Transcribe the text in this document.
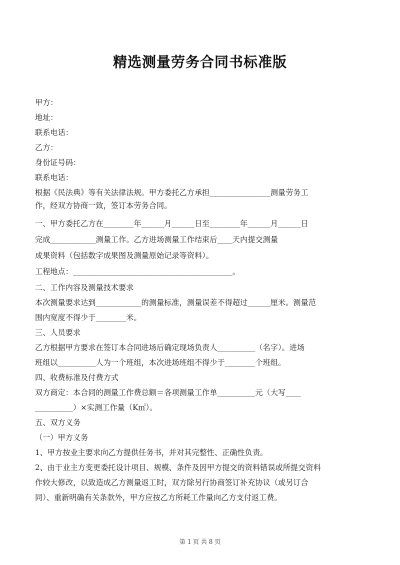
精选测量劳务合同书标准版
甲方：
地址：
联系电话：
乙方：
身份证号码：
联系电话：
根据《民法典》等有关法律法规。甲方委托乙方承担________________测量劳务工
作，经双方协商一致，签订本劳务合同。
一、甲方委托乙方在________年______月______日至________年______月______日
完成____________测量工作。乙方进场测量工作结束后____天内提交测量
成果资料（包括数字成果图及测量原始记录等资料）。
工程地点：__________________________________________。
二、工作内容及测量技术要求
本次测量要求达到____________的测量标准，测量误差不得超过______厘米。测量范
围内宽度不得少于________米。
三、人员要求
乙方根据甲方要求在签订本合同进场后确定现场负责人__________（名字）。进场
班组以__________人为一个班组，本次进场班组不得少于________个班组。
四、收费标准及付费方式
双方商定：本合同的测量工作费总额＝各项测量工作单__________元（大写____
__________）×实测工作量（K㎡）。
五、双方义务
（一）甲方义务
1、甲方按业主要求向乙方提供任务书，并对其完整性、正确性负责。
2、由于业主方变更委托设计项目、规模、条件及因甲方提交的资料错误或所提交资料
作较大修改，以致造成乙方测量返工时，双方除另行协商签订补充协议（或另订合
同）、重新明确有关条款外，甲方应按乙方所耗工作量向乙方支付返工费。
第 1 页 共 8 页
